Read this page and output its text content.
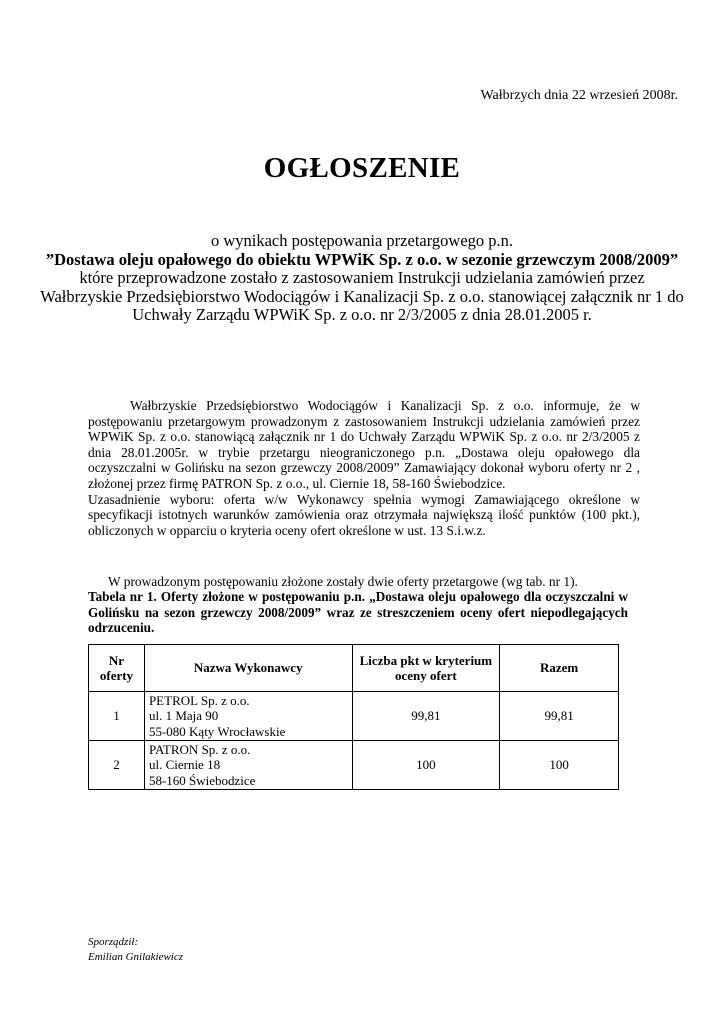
Wałbrzych dnia 22 wrzesień 2008r.
OGŁOSZENIE
o wynikach postępowania przetargowego p.n.
”Dostawa oleju opałowego do obiektu WPWiK Sp. z o.o. w sezonie grzewczym 2008/2009”
które przeprowadzone zostało z zastosowaniem Instrukcji udzielania zamówień przez Wałbrzyskie Przedsiębiorstwo Wodociągów i Kanalizacji Sp. z o.o. stanowiącej załącznik nr 1 do Uchwały Zarządu WPWiK Sp. z o.o. nr 2/3/2005 z dnia 28.01.2005 r.

Wałbrzyskie Przedsiębiorstwo Wodociągów i Kanalizacji Sp. z o.o. informuje, że w postępowaniu przetargowym prowadzonym z zastosowaniem Instrukcji udzielania zamówień przez WPWiK Sp. z o.o. stanowiącą załącznik nr 1 do Uchwały Zarządu WPWiK Sp. z o.o. nr 2/3/2005 z dnia 28.01.2005r. w trybie przetargu nieograniczonego p.n. „Dostawa oleju opałowego dla oczyszczalni w Golińsku na sezon grzewczy 2008/2009” Zamawiający dokonał wyboru oferty nr 2 , złożonej przez firmę PATRON Sp. z o.o., ul. Ciernie 18, 58-160 Świebodzice.

Uzasadnienie wyboru: oferta w/w Wykonawcy spełnia wymogi Zamawiającego określone w specyfikacji istotnych warunków zamówienia oraz otrzymała największą ilość punktów (100 pkt.), obliczonych w opparciu o kryteria oceny ofert określone w ust. 13 S.i.w.z.

W prowadzonym postępowaniu złożone zostały dwie oferty przetargowe (wg tab. nr 1).
Tabela nr 1. Oferty złożone w postępowaniu p.n. „Dostawa oleju opałowego dla oczyszczalni w Golińsku na sezon grzewczy 2008/2009” wraz ze streszczeniem oceny ofert niepodlegających odrzuceniu.
Nr oferty	Nazwa Wykonawcy	Liczba pkt w kryterium oceny ofert	Razem
1	PETROL Sp. z o.o.
ul. 1 Maja 90
55-080 Kąty Wrocławskie	99,81	99,81
2	PATRON Sp. z o.o.
ul. Ciernie 18
58-160 Świebodzice	100	100
Sporządził:
Emilian Gnilakiewicz
